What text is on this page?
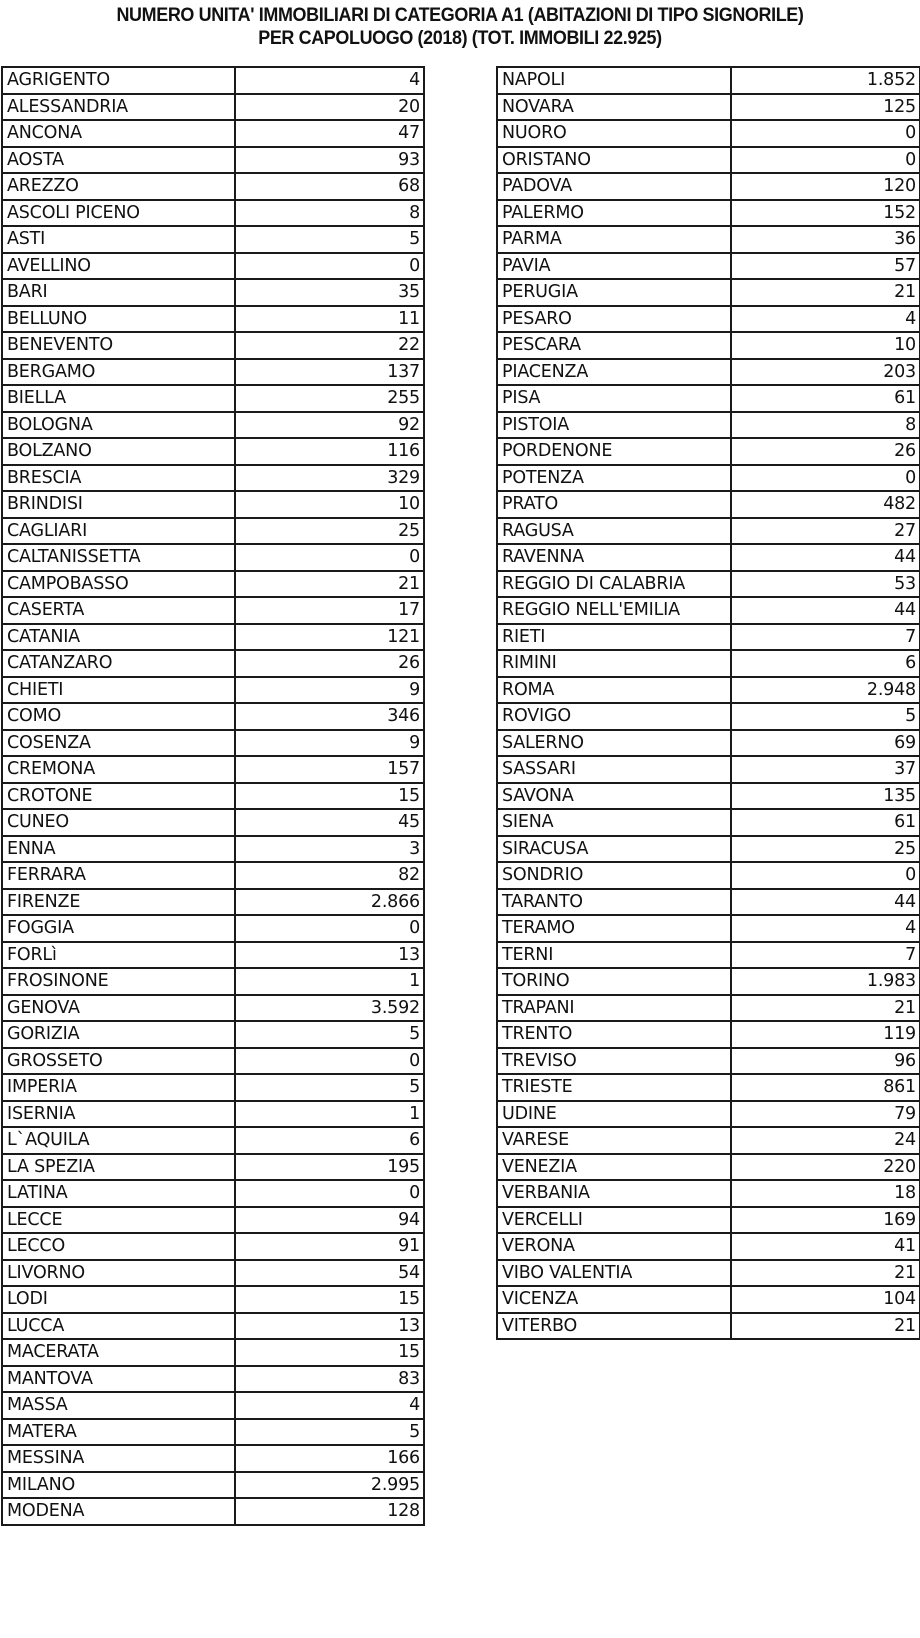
NUMERO UNITA' IMMOBILIARI DI CATEGORIA A1 (ABITAZIONI DI TIPO SIGNORILE)
PER CAPOLUOGO (2018) (TOT. IMMOBILI 22.925)
AGRIGENTO	4
ALESSANDRIA	20
ANCONA	47
AOSTA	93
AREZZO	68
ASCOLI PICENO	8
ASTI	5
AVELLINO	0
BARI	35
BELLUNO	11
BENEVENTO	22
BERGAMO	137
BIELLA	255
BOLOGNA	92
BOLZANO	116
BRESCIA	329
BRINDISI	10
CAGLIARI	25
CALTANISSETTA	0
CAMPOBASSO	21
CASERTA	17
CATANIA	121
CATANZARO	26
CHIETI	9
COMO	346
COSENZA	9
CREMONA	157
CROTONE	15
CUNEO	45
ENNA	3
FERRARA	82
FIRENZE	2.866
FOGGIA	0
FORLì	13
FROSINONE	1
GENOVA	3.592
GORIZIA	5
GROSSETO	0
IMPERIA	5
ISERNIA	1
L`AQUILA	6
LA SPEZIA	195
LATINA	0
LECCE	94
LECCO	91
LIVORNO	54
LODI	15
LUCCA	13
MACERATA	15
MANTOVA	83
MASSA	4
MATERA	5
MESSINA	166
MILANO	2.995
MODENA	128
NAPOLI	1.852
NOVARA	125
NUORO	0
ORISTANO	0
PADOVA	120
PALERMO	152
PARMA	36
PAVIA	57
PERUGIA	21
PESARO	4
PESCARA	10
PIACENZA	203
PISA	61
PISTOIA	8
PORDENONE	26
POTENZA	0
PRATO	482
RAGUSA	27
RAVENNA	44
REGGIO DI CALABRIA	53
REGGIO NELL'EMILIA	44
RIETI	7
RIMINI	6
ROMA	2.948
ROVIGO	5
SALERNO	69
SASSARI	37
SAVONA	135
SIENA	61
SIRACUSA	25
SONDRIO	0
TARANTO	44
TERAMO	4
TERNI	7
TORINO	1.983
TRAPANI	21
TRENTO	119
TREVISO	96
TRIESTE	861
UDINE	79
VARESE	24
VENEZIA	220
VERBANIA	18
VERCELLI	169
VERONA	41
VIBO VALENTIA	21
VICENZA	104
VITERBO	21
